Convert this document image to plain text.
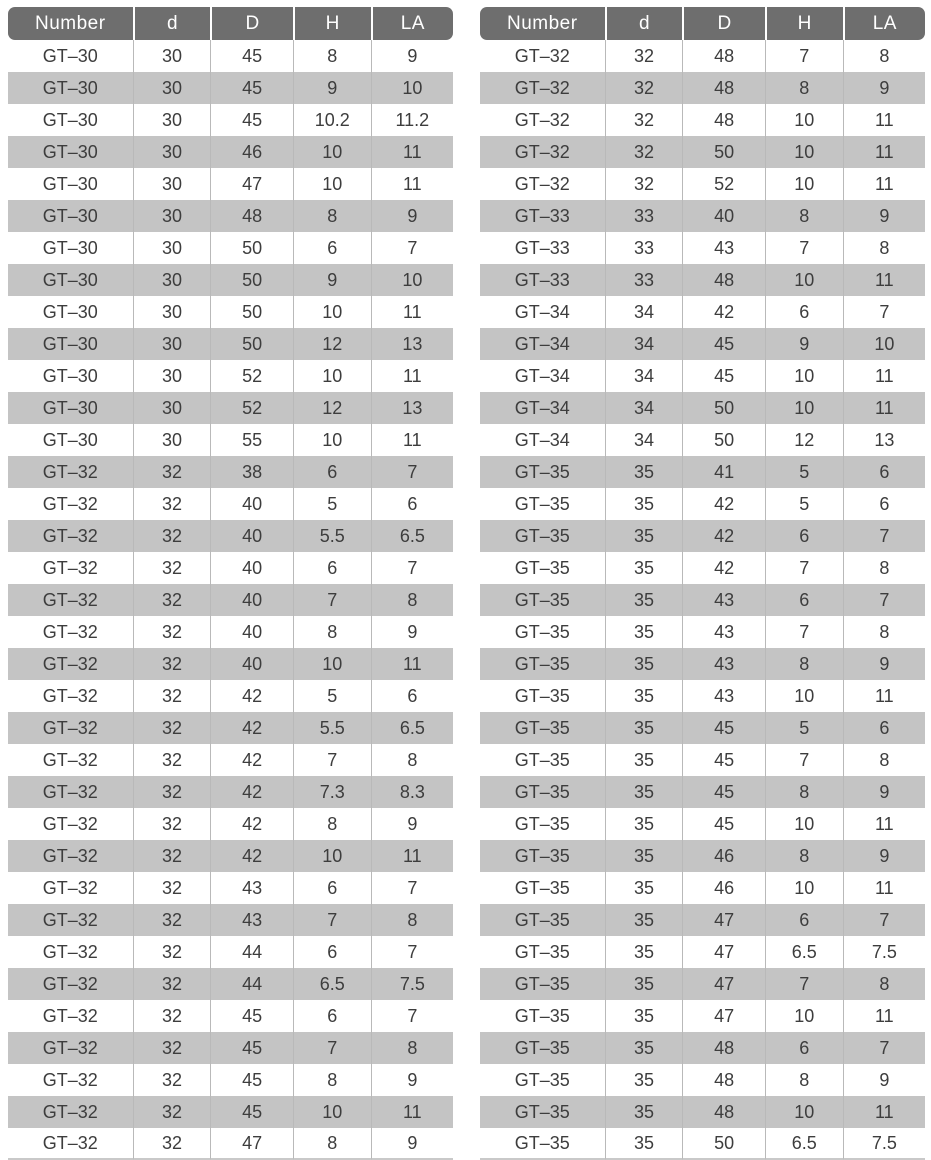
Number	d	D	H	LA
GT–30	30	45	8	9
GT–30	30	45	9	10
GT–30	30	45	10.2	11.2
GT–30	30	46	10	11
GT–30	30	47	10	11
GT–30	30	48	8	9
GT–30	30	50	6	7
GT–30	30	50	9	10
GT–30	30	50	10	11
GT–30	30	50	12	13
GT–30	30	52	10	11
GT–30	30	52	12	13
GT–30	30	55	10	11
GT–32	32	38	6	7
GT–32	32	40	5	6
GT–32	32	40	5.5	6.5
GT–32	32	40	6	7
GT–32	32	40	7	8
GT–32	32	40	8	9
GT–32	32	40	10	11
GT–32	32	42	5	6
GT–32	32	42	5.5	6.5
GT–32	32	42	7	8
GT–32	32	42	7.3	8.3
GT–32	32	42	8	9
GT–32	32	42	10	11
GT–32	32	43	6	7
GT–32	32	43	7	8
GT–32	32	44	6	7
GT–32	32	44	6.5	7.5
GT–32	32	45	6	7
GT–32	32	45	7	8
GT–32	32	45	8	9
GT–32	32	45	10	11
GT–32	32	47	8	9
Number	d	D	H	LA
GT–32	32	48	7	8
GT–32	32	48	8	9
GT–32	32	48	10	11
GT–32	32	50	10	11
GT–32	32	52	10	11
GT–33	33	40	8	9
GT–33	33	43	7	8
GT–33	33	48	10	11
GT–34	34	42	6	7
GT–34	34	45	9	10
GT–34	34	45	10	11
GT–34	34	50	10	11
GT–34	34	50	12	13
GT–35	35	41	5	6
GT–35	35	42	5	6
GT–35	35	42	6	7
GT–35	35	42	7	8
GT–35	35	43	6	7
GT–35	35	43	7	8
GT–35	35	43	8	9
GT–35	35	43	10	11
GT–35	35	45	5	6
GT–35	35	45	7	8
GT–35	35	45	8	9
GT–35	35	45	10	11
GT–35	35	46	8	9
GT–35	35	46	10	11
GT–35	35	47	6	7
GT–35	35	47	6.5	7.5
GT–35	35	47	7	8
GT–35	35	47	10	11
GT–35	35	48	6	7
GT–35	35	48	8	9
GT–35	35	48	10	11
GT–35	35	50	6.5	7.5
